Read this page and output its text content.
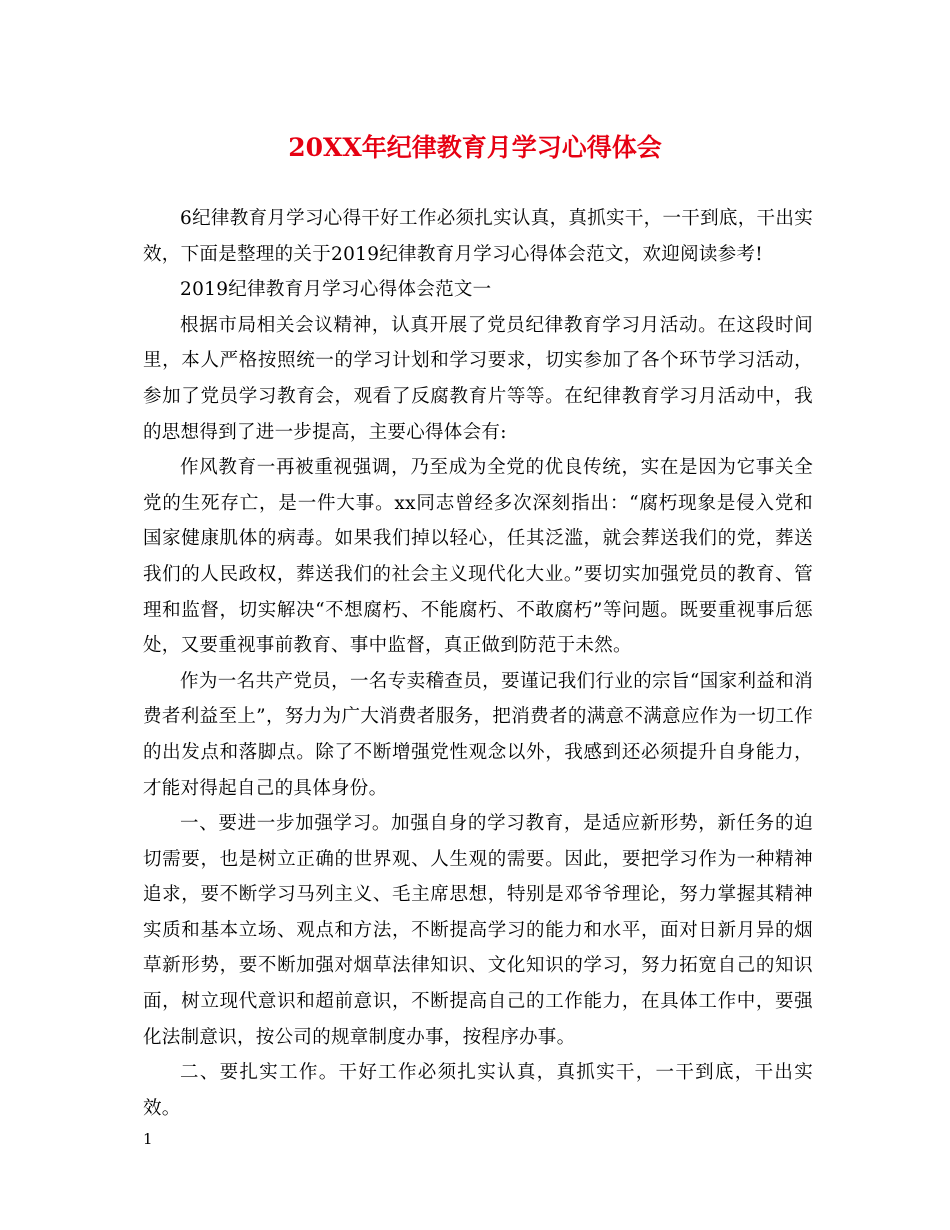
20XX年纪律教育月学习心得体会

6纪律教育月学习心得干好工作必须扎实认真，真抓实干，一干到底，干出实效，下面是整理的关于2019纪律教育月学习心得体会范文，欢迎阅读参考!

2019纪律教育月学习心得体会范文一

根据市局相关会议精神，认真开展了党员纪律教育学习月活动。在这段时间里，本人严格按照统一的学习计划和学习要求，切实参加了各个环节学习活动，参加了党员学习教育会，观看了反腐教育片等等。在纪律教育学习月活动中，我的思想得到了进一步提高，主要心得体会有:

作风教育一再被重视强调，乃至成为全党的优良传统，实在是因为它事关全党的生死存亡，是一件大事。xx同志曾经多次深刻指出：“腐朽现象是侵入党和国家健康肌体的病毒。如果我们掉以轻心，任其泛滥，就会葬送我们的党，葬送我们的人民政权，葬送我们的社会主义现代化大业。”要切实加强党员的教育、管理和监督，切实解决“不想腐朽、不能腐朽、不敢腐朽”等问题。既要重视事后惩处，又要重视事前教育、事中监督，真正做到防范于未然。

作为一名共产党员，一名专卖稽查员，要谨记我们行业的宗旨“国家利益和消费者利益至上”，努力为广大消费者服务，把消费者的满意不满意应作为一切工作的出发点和落脚点。除了不断增强党性观念以外，我感到还必须提升自身能力，才能对得起自己的具体身份。

一、要进一步加强学习。加强自身的学习教育，是适应新形势，新任务的迫切需要，也是树立正确的世界观、人生观的需要。因此，要把学习作为一种精神追求，要不断学习马列主义、毛主席思想，特别是邓爷爷理论，努力掌握其精神实质和基本立场、观点和方法，不断提高学习的能力和水平，面对日新月异的烟草新形势，要不断加强对烟草法律知识、文化知识的学习，努力拓宽自己的知识面，树立现代意识和超前意识，不断提高自己的工作能力，在具体工作中，要强化法制意识，按公司的规章制度办事，按程序办事。

二、要扎实工作。干好工作必须扎实认真，真抓实干，一干到底，干出实效。

1
